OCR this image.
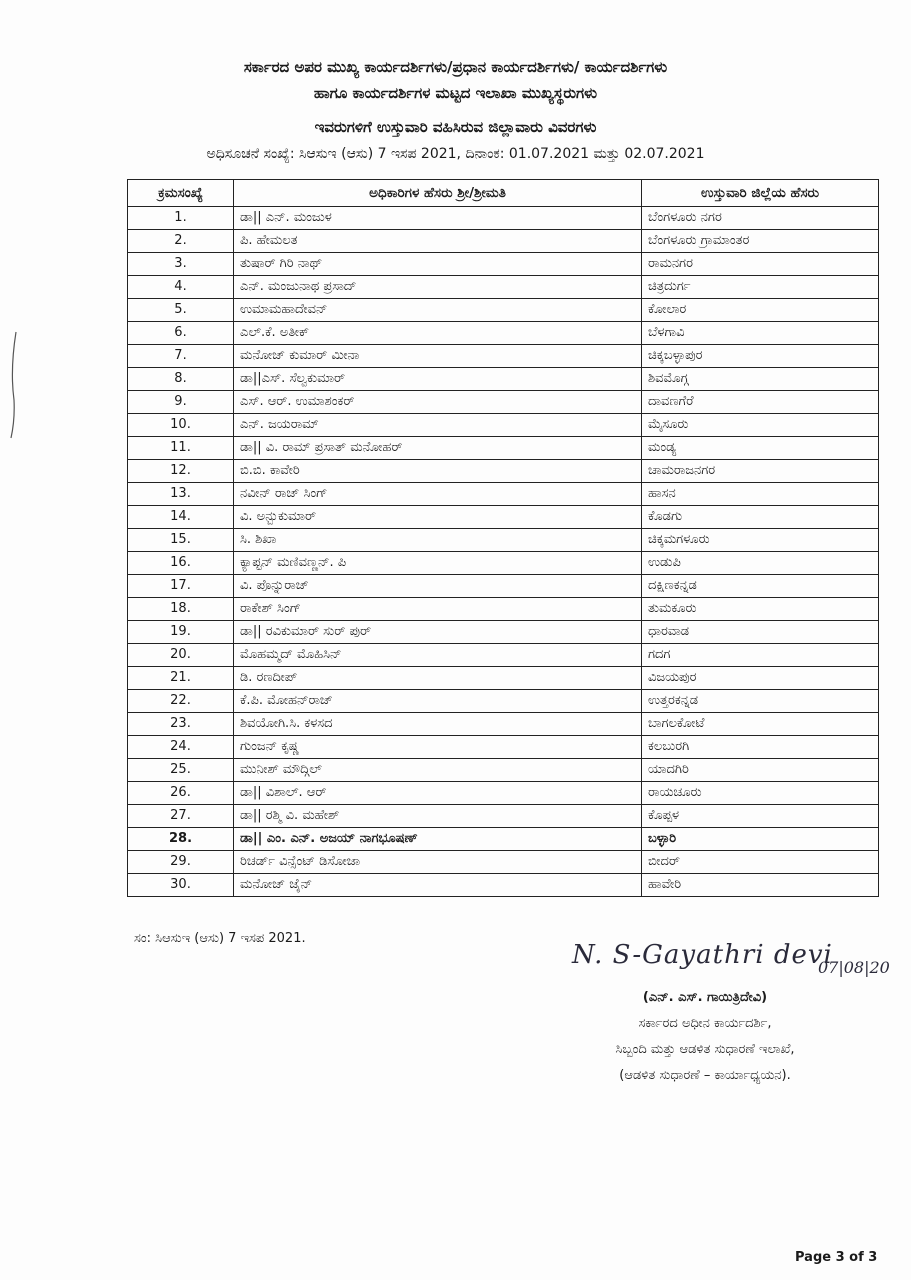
ಸರ್ಕಾರದ ಅಪರ ಮುಖ್ಯ ಕಾರ್ಯದರ್ಶಿಗಳು/ಪ್ರಧಾನ ಕಾರ್ಯದರ್ಶಿಗಳು/ ಕಾರ್ಯದರ್ಶಿಗಳು
ಹಾಗೂ ಕಾರ್ಯದರ್ಶಿಗಳ ಮಟ್ಟದ ಇಲಾಖಾ ಮುಖ್ಯಸ್ಥರುಗಳು
ಇವರುಗಳಿಗೆ ಉಸ್ತುವಾರಿ ವಹಿಸಿರುವ ಜಿಲ್ಲಾವಾರು ವಿವರಗಳು
ಅಧಿಸೂಚನೆ ಸಂಖ್ಯೆ: ಸಿಆಸುಇ (ಆಸು) 7 ಇಸಪ 2021, ದಿನಾಂಕ: 01.07.2021 ಮತ್ತು 02.07.2021
ಕ್ರಮಸಂಖ್ಯೆ	ಅಧಿಕಾರಿಗಳ ಹೆಸರು ಶ್ರೀ/ಶ್ರೀಮತಿ	ಉಸ್ತುವಾರಿ ಜಿಲ್ಲೆಯ ಹೆಸರು
1.	ಡಾ|| ಎನ್. ಮಂಜುಳ	ಬೆಂಗಳೂರು ನಗರ
2.	ಪಿ. ಹೇಮಲತ	ಬೆಂಗಳೂರು ಗ್ರಾಮಾಂತರ
3.	ತುಷಾರ್ ಗಿರಿ ನಾಥ್	ರಾಮನಗರ
4.	ಎನ್. ಮಂಜುನಾಥ ಪ್ರಸಾದ್	ಚಿತ್ರದುರ್ಗ
5.	ಉಮಾಮಹಾದೇವನ್	ಕೋಲಾರ
6.	ಎಲ್.ಕೆ. ಅತೀಕ್	ಬೆಳಗಾವಿ
7.	ಮನೋಜ್ ಕುಮಾರ್ ಮೀನಾ	ಚಿಕ್ಕಬಳ್ಳಾಪುರ
8.	ಡಾ||ಎಸ್. ಸೆಲ್ವಕುಮಾರ್	ಶಿವಮೊಗ್ಗ
9.	ಎಸ್. ಆರ್. ಉಮಾಶಂಕರ್	ದಾವಣಗೆರೆ
10.	ಎನ್. ಜಯರಾಮ್	ಮೈಸೂರು
11.	ಡಾ|| ವಿ. ರಾಮ್ ಪ್ರಸಾತ್ ಮನೋಹರ್	ಮಂಡ್ಯ
12.	ಬಿ.ಬಿ. ಕಾವೇರಿ	ಚಾಮರಾಜನಗರ
13.	ನವೀನ್ ರಾಜ್ ಸಿಂಗ್	ಹಾಸನ
14.	ವಿ. ಅನ್ಬುಕುಮಾರ್	ಕೊಡಗು
15.	ಸಿ. ಶಿಖಾ	ಚಿಕ್ಕಮಗಳೂರು
16.	ಕ್ಯಾಪ್ಟನ್ ಮಣಿವಣ್ಣನ್. ಪಿ	ಉಡುಪಿ
17.	ವಿ. ಪೊನ್ನುರಾಜ್	ದಕ್ಷಿಣಕನ್ನಡ
18.	ರಾಕೇಶ್ ಸಿಂಗ್	ತುಮಕೂರು
19.	ಡಾ|| ರವಿಕುಮಾರ್ ಸುರ್ ಪುರ್	ಧಾರವಾಡ
20.	ಮೊಹಮ್ಮದ್ ಮೊಹಿಸಿನ್	ಗದಗ
21.	ಡಿ. ರಣದೀಪ್	ವಿಜಯಪುರ
22.	ಕೆ.ಪಿ. ಮೋಹನ್‌ರಾಜ್	ಉತ್ತರಕನ್ನಡ
23.	ಶಿವಯೋಗಿ.ಸಿ. ಕಳಸದ	ಬಾಗಲಕೋಟೆ
24.	ಗುಂಜನ್ ಕೃಷ್ಣ	ಕಲಬುರಗಿ
25.	ಮುನೀಶ್ ಮೌದ್ಗಿಲ್	ಯಾದಗಿರಿ
26.	ಡಾ|| ವಿಶಾಲ್. ಆರ್	ರಾಯಚೂರು
27.	ಡಾ|| ರಶ್ಮಿ ವಿ. ಮಹೇಶ್	ಕೊಪ್ಪಳ
28.	ಡಾ|| ಎಂ. ಎನ್. ಅಜಯ್ ನಾಗಭೂಷಣ್	ಬಳ್ಳಾರಿ
29.	ರಿಚರ್ಡ್ ವಿನ್ಸೆಂಟ್ ಡಿಸೋಜಾ	ಬೀದರ್
30.	ಮನೋಜ್ ಜೈನ್	ಹಾವೇರಿ
ಸಂ: ಸಿಆಸುಇ (ಆಸು) 7 ಇಸಪ 2021.
N. S-Gayathri devi
07|08|20
(ಎನ್. ಎಸ್. ಗಾಯಿತ್ರಿದೇವಿ)
ಸರ್ಕಾರದ ಅಧೀನ ಕಾರ್ಯದರ್ಶಿ,
ಸಿಬ್ಬಂದಿ ಮತ್ತು ಆಡಳಿತ ಸುಧಾರಣೆ ಇಲಾಖೆ,
(ಆಡಳಿತ ಸುಧಾರಣೆ – ಕಾರ್ಯಾಧ್ಯಯನ).
Page 3 of 3
